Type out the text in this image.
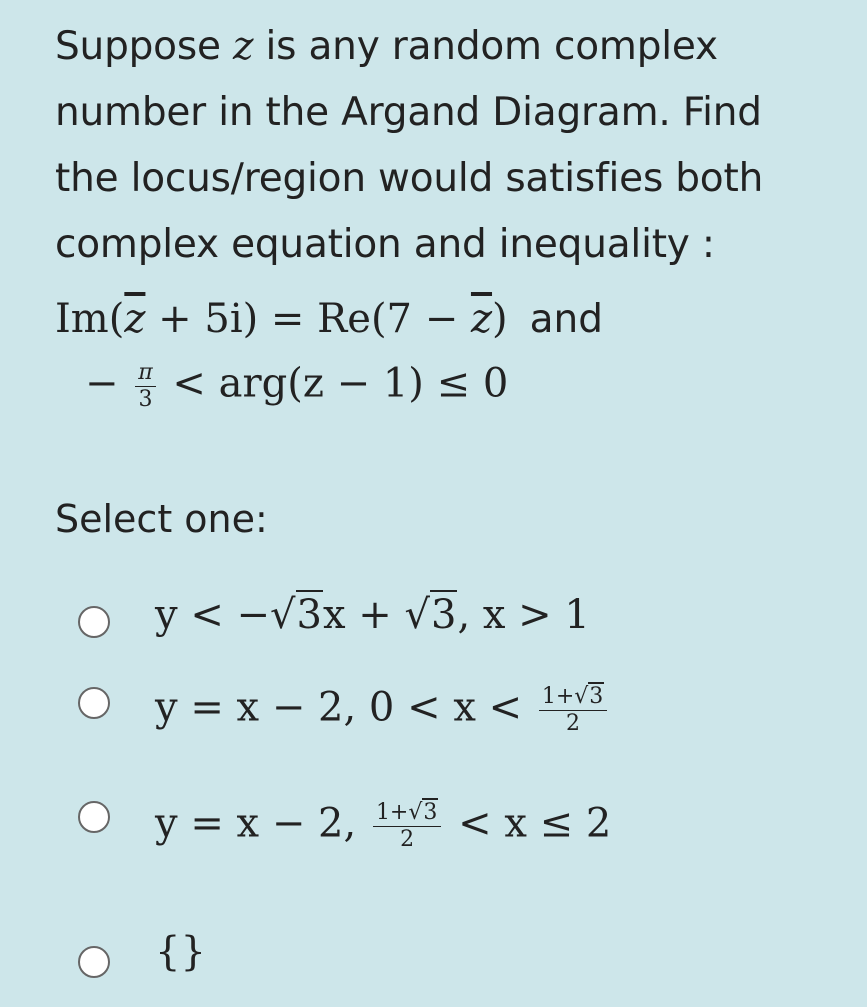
Suppose z is any random complex number in the Argand Diagram. Find the locus/region would satisfies both complex equation and inequality :
$Im(\overline{z} + 5i) = Re(7 - \overline{z})$ and
− $\frac{\pi}{3} < arg(z - 1) \le 0$
Select one:
y < −√3x + √3, x > 1
y = x − 2, $0 < x < \frac{1+√3}{2}$
y = x − 2, $\frac{1+√3}{2} < x \le 2$
{}
